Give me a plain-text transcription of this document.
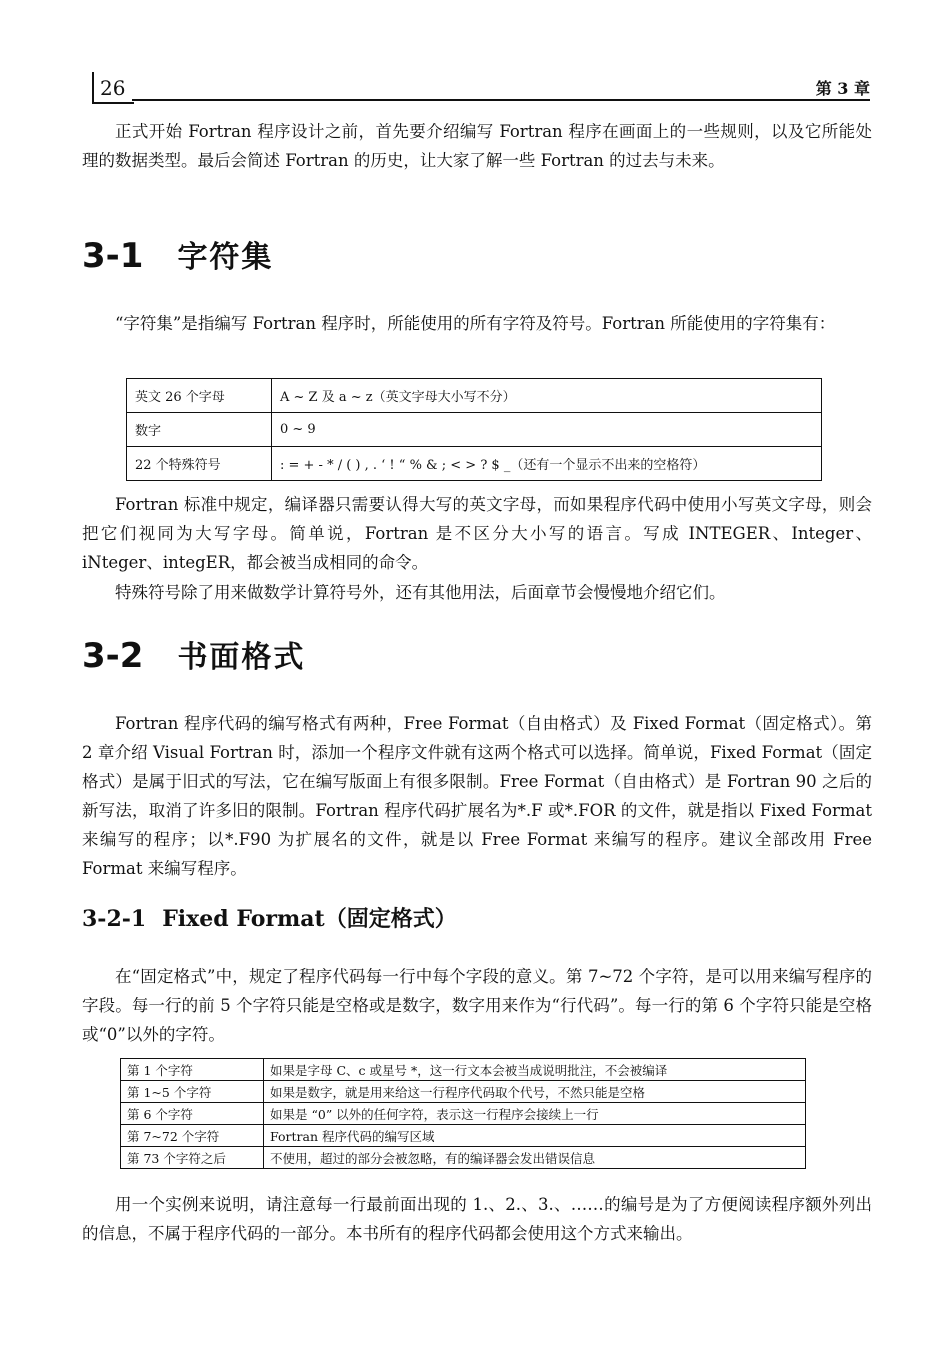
26	第 3 章

正式开始 Fortran 程序设计之前，首先要介绍编写 Fortran 程序在画面上的一些规则，以及它所能处理的数据类型。最后会简述 Fortran 的历史，让大家了解一些 Fortran 的过去与未来。

3-1 字符集

“字符集”是指编写 Fortran 程序时，所能使用的所有字符及符号。Fortran 所能使用的字符集有：

英文 26 个字母	A ~ Z 及 a ~ z（英文字母大小写不分）
数字	0 ~ 9
22 个特殊符号	: = + - * / ( ) , . ‘ ! “ % & ; < > ? $ _（还有一个显示不出来的空格符）

Fortran 标准中规定，编译器只需要认得大写的英文字母，而如果程序代码中使用小写英文字母，则会把它们视同为大写字母。简单说，Fortran 是不区分大小写的语言。写成 INTEGER、Integer、iNteger、integER，都会被当成相同的命令。

特殊符号除了用来做数学计算符号外，还有其他用法，后面章节会慢慢地介绍它们。

3-2 书面格式

Fortran 程序代码的编写格式有两种，Free Format（自由格式）及 Fixed Format（固定格式）。第 2 章介绍 Visual Fortran 时，添加一个程序文件就有这两个格式可以选择。简单说，Fixed Format（固定格式）是属于旧式的写法，它在编写版面上有很多限制。Free Format（自由格式）是 Fortran 90 之后的新写法，取消了许多旧的限制。Fortran 程序代码扩展名为*.F 或*.FOR 的文件，就是指以 Fixed Format 来编写的程序；以*.F90 为扩展名的文件，就是以 Free Format 来编写的程序。建议全部改用 Free Format 来编写程序。

3-2-1 Fixed Format（固定格式）

在“固定格式”中，规定了程序代码每一行中每个字段的意义。第 7~72 个字符，是可以用来编写程序的字段。每一行的前 5 个字符只能是空格或是数字，数字用来作为“行代码”。每一行的第 6 个字符只能是空格或“0”以外的字符。

第 1 个字符	如果是字母 C、c 或星号 *，这一行文本会被当成说明批注，不会被编译
第 1~5 个字符	如果是数字，就是用来给这一行程序代码取个代号，不然只能是空格
第 6 个字符	如果是 “0” 以外的任何字符，表示这一行程序会接续上一行
第 7~72 个字符	Fortran 程序代码的编写区域
第 73 个字符之后	不使用，超过的部分会被忽略，有的编译器会发出错误信息

用一个实例来说明，请注意每一行最前面出现的 1.、2.、3.、……的编号是为了方便阅读程序额外列出的信息，不属于程序代码的一部分。本书所有的程序代码都会使用这个方式来输出。
